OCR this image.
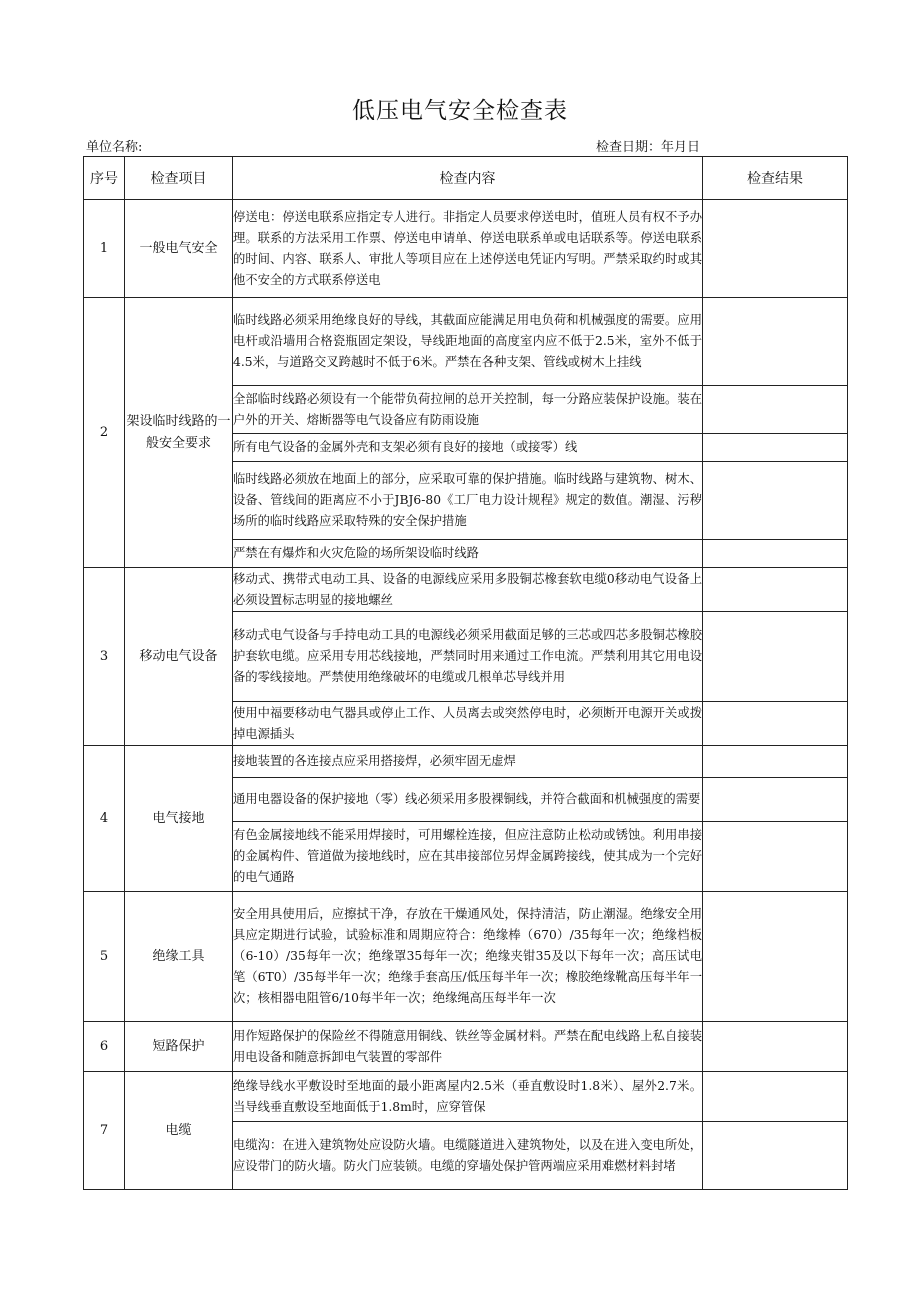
低压电气安全检查表
单位名称:	检查日期：年月日
序号	检查项目	检查内容	检查结果
1	一般电气安全	停送电：停送电联系应指定专人进行。非指定人员要求停送电时，值班人员有权不予办理。联系的方法采用工作票、停送电申请单、停送电联系单或电话联系等。停送电联系的时间、内容、联系人、审批人等项目应在上述停送电凭证内写明。严禁采取约时或其他不安全的方式联系停送电	
2	架设临时线路的一般安全要求	临时线路必须采用绝缘良好的导线，其截面应能满足用电负荷和机械强度的需要。应用电杆或沿墙用合格瓷瓶固定架设，导线距地面的高度室内应不低于2.5米，室外不低于4.5米，与道路交叉跨越时不低于6米。严禁在各种支架、管线或树木上挂线	
		全部临时线路必须设有一个能带负荷拉闸的总开关控制，每一分路应装保护设施。装在户外的开关、熔断器等电气设备应有防雨设施	
		所有电气设备的金属外壳和支架必须有良好的接地（或接零）线	
		临时线路必须放在地面上的部分，应采取可靠的保护措施。临时线路与建筑物、树木、设备、管线间的距离应不小于JBJ6-80《工厂电力设计规程》规定的数值。潮湿、污秽场所的临时线路应采取特殊的安全保护措施	
		严禁在有爆炸和火灾危险的场所架设临时线路	
3	移动电气设备	移动式、携带式电动工具、设备的电源线应采用多股铜芯橡套软电缆0移动电气设备上必须设置标志明显的接地螺丝	
		移动式电气设备与手持电动工具的电源线必须采用截面足够的三芯或四芯多股铜芯橡胶护套软电缆。应采用专用芯线接地，严禁同时用来通过工作电流。严禁利用其它用电设备的零线接地。严禁使用绝缘破坏的电缆或几根单芯导线并用	
		使用中福要移动电气器具或停止工作、人员离去或突然停电时，必须断开电源开关或拨掉电源插头	
4	电气接地	接地装置的各连接点应采用搭接焊，必须牢固无虚焊	
		通用电器设备的保护接地（零）线必须采用多股裸铜线，并符合截面和机械强度的需要	
		有色金属接地线不能采用焊接时，可用螺栓连接，但应注意防止松动或锈蚀。利用串接的金属构件、管道做为接地线时，应在其串接部位另焊金属跨接线，使其成为一个完好的电气通路	
5	绝缘工具	安全用具使用后，应擦拭干净，存放在干燥通风处，保持清洁，防止潮湿。绝缘安全用具应定期进行试验，试验标准和周期应符合：绝缘棒（670）/35每年一次；绝缘档板（6-10）/35每年一次；绝缘罩35每年一次；绝缘夹钳35及以下每年一次；高压试电笔（6T0）/35每半年一次；绝缘手套高压/低压每半年一次；橡胶绝缘靴高压每半年一次；核相器电阻管6/10每半年一次；绝缘绳高压每半年一次	
6	短路保护	用作短路保护的保险丝不得随意用铜线、铁丝等金属材料。严禁在配电线路上私自接装用电设备和随意拆卸电气装置的零部件	
7	电缆	绝缘导线水平敷设时至地面的最小距离屋内2.5米（垂直敷设时1.8米）、屋外2.7米。当导线垂直敷设至地面低于1.8m时，应穿管保	
		电缆沟：在进入建筑物处应设防火墙。电缆隧道进入建筑物处，以及在进入变电所处，应设带门的防火墙。防火门应装锁。电缆的穿墙处保护管两端应采用难燃材料封堵	
